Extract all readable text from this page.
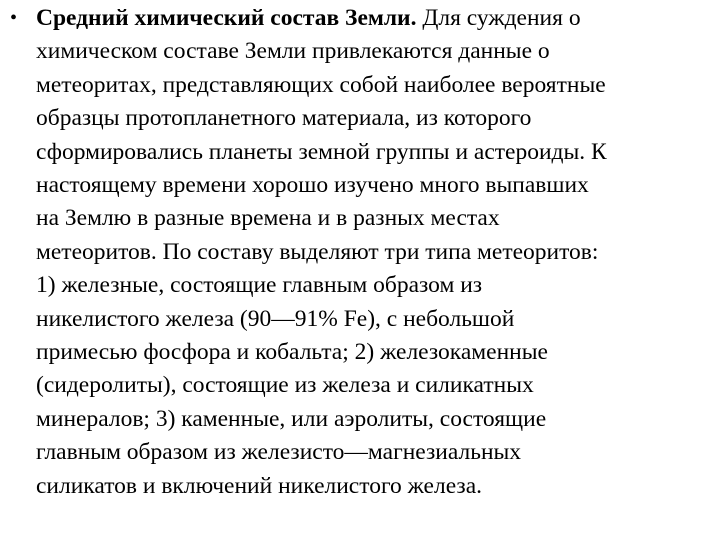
• Средний химический состав Земли. Для суждения о
химическом составе Земли привлекаются данные о
метеоритах, представляющих собой наиболее вероятные
образцы протопланетного материала, из которого
сформировались планеты земной группы и астероиды. К
настоящему времени хорошо изучено много выпавших
на Землю в разные времена и в разных местах
метеоритов. По составу выделяют три типа метеоритов:
1) железные, состоящие главным образом из
никелистого железа (90—91% Fe), с небольшой
примесью фосфора и кобальта; 2) железокаменные
(сидеролиты), состоящие из железа и силикатных
минералов; 3) каменные, или аэролиты, состоящие
главным образом из железисто—магнезиальных
силикатов и включений никелистого железа.
